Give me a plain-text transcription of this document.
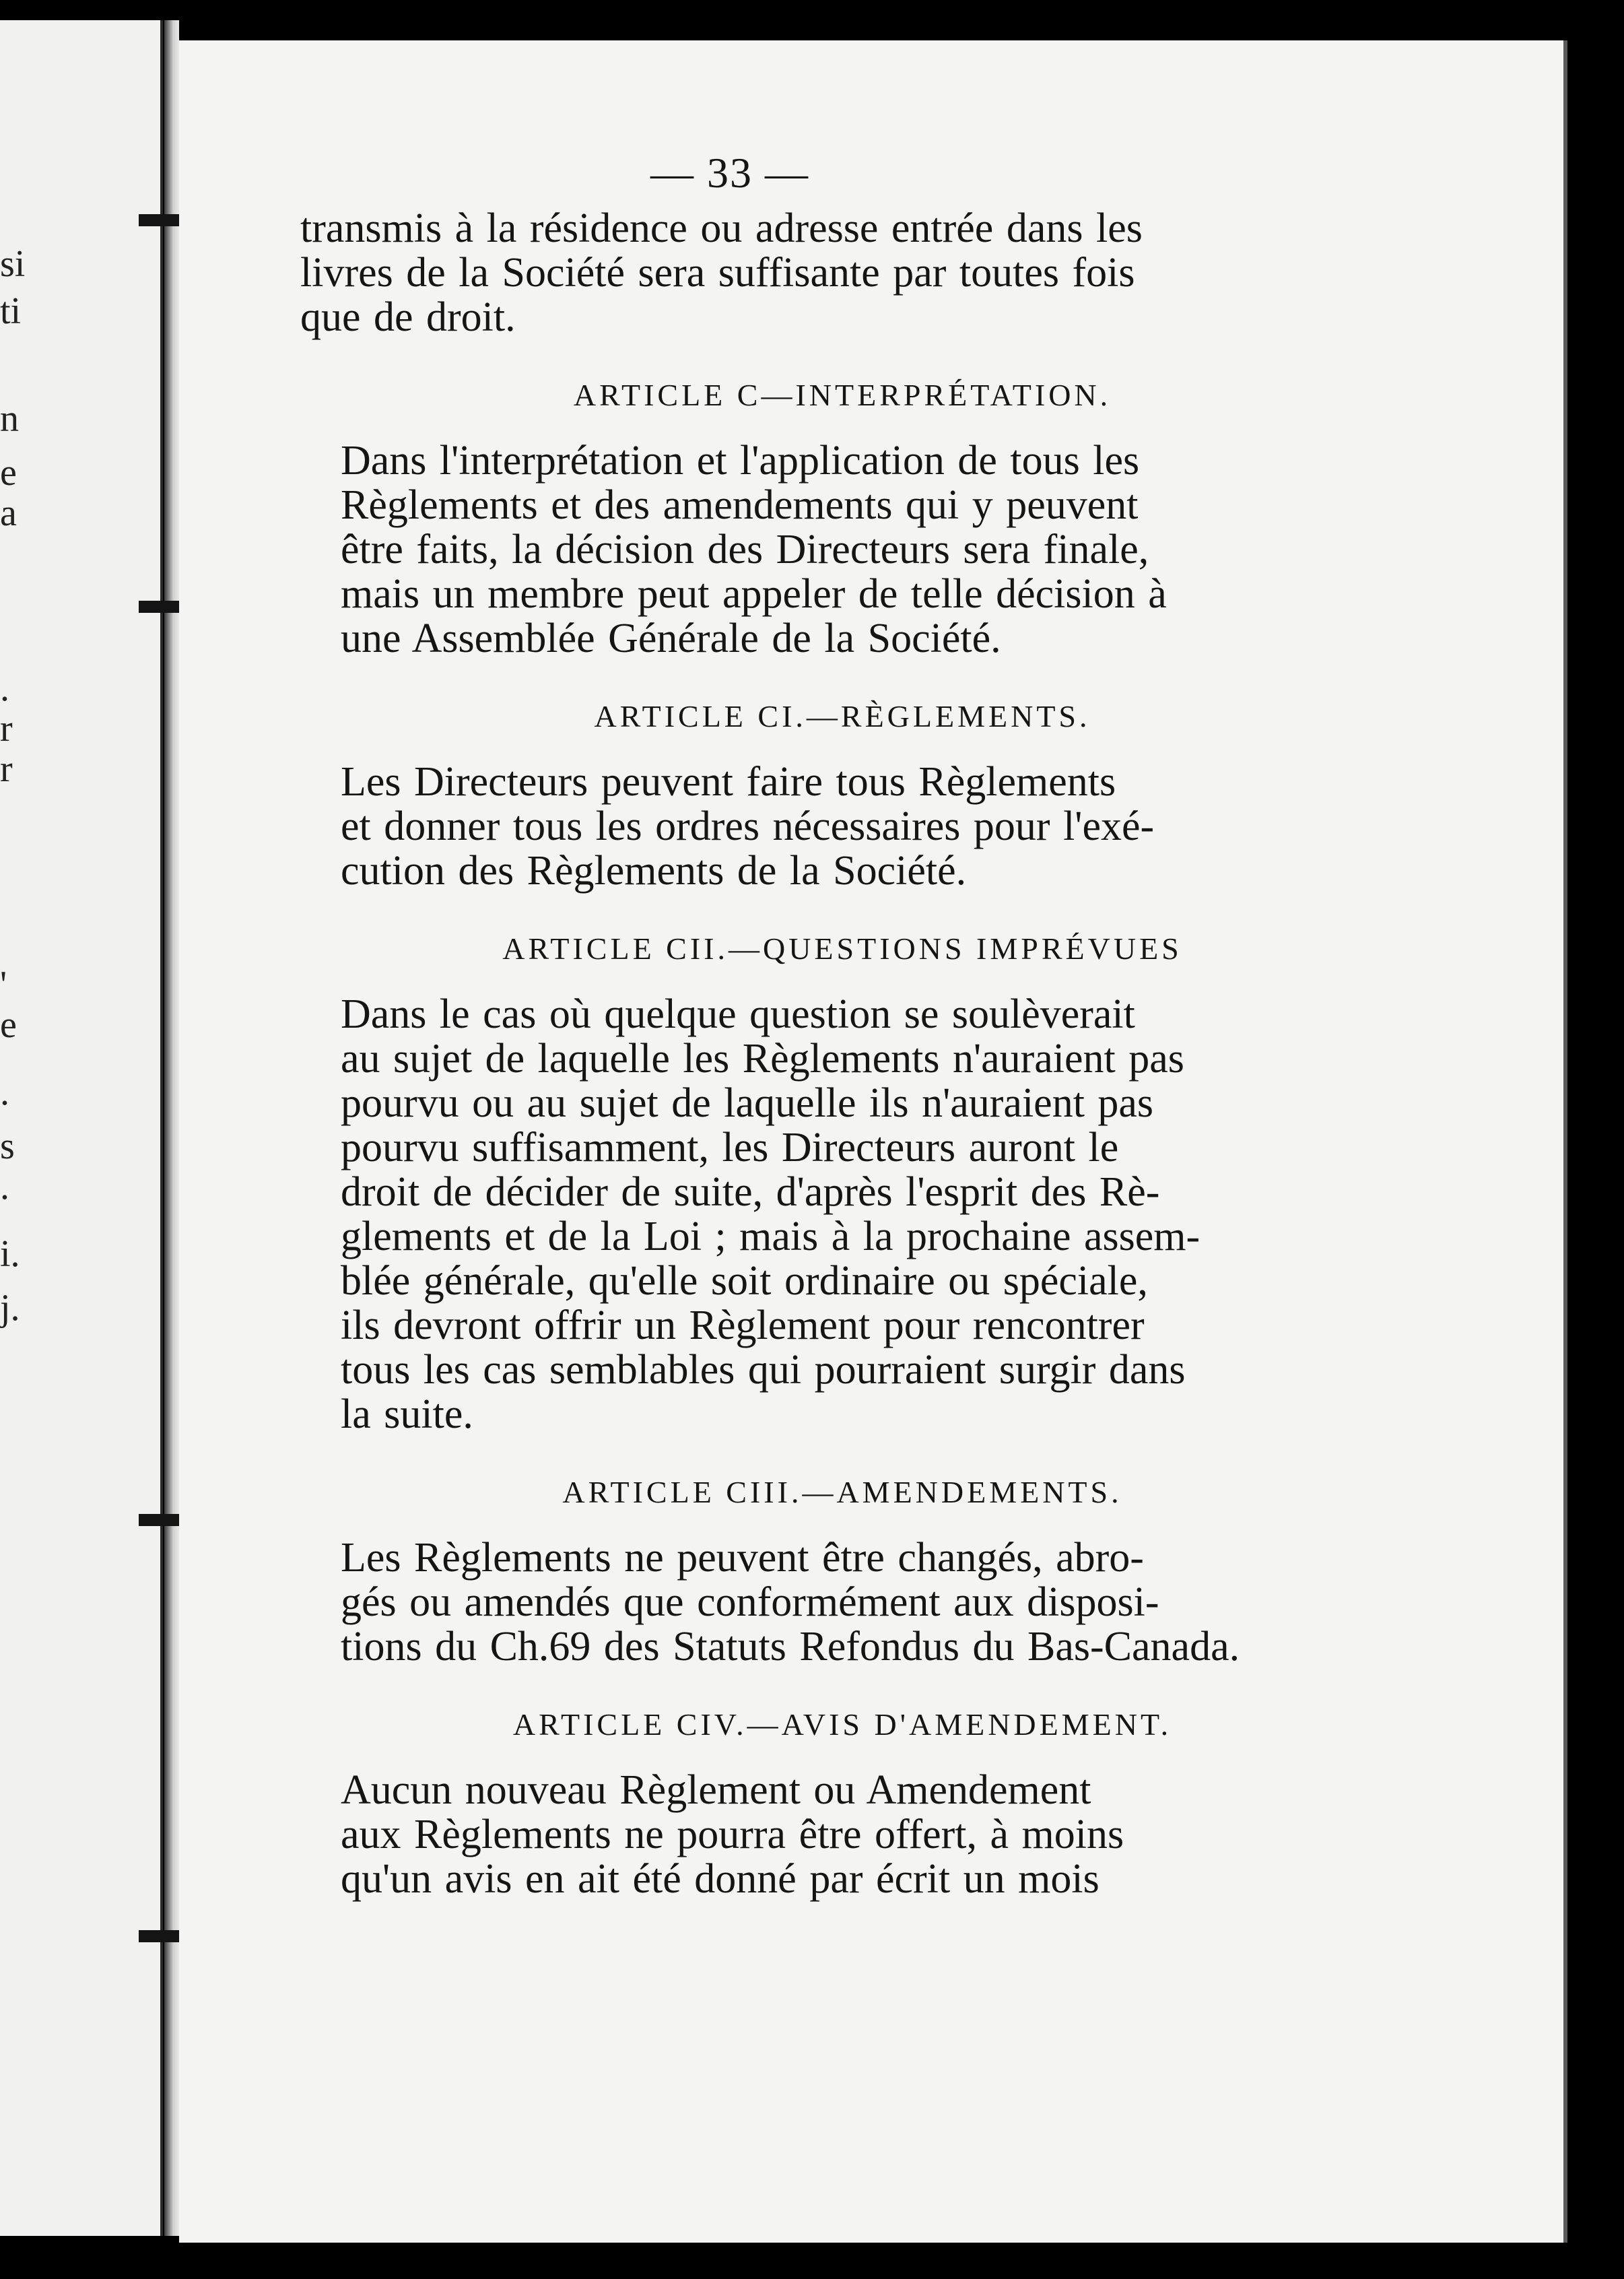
si
ti
n
e
a
.
r
r
'
e
.
s
.
i.
j.
— 33 —
transmis à la résidence ou adresse entrée dans les
livres de la Société sera suffisante par toutes fois
que de droit.
ARTICLE C—INTERPRÉTATION.
Dans l'interprétation et l'application de tous les
Règlements et des amendements qui y peuvent
être faits, la décision des Directeurs sera finale,
mais un membre peut appeler de telle décision à
une Assemblée Générale de la Société.
ARTICLE CI.—RÈGLEMENTS.
Les Directeurs peuvent faire tous Règlements
et donner tous les ordres nécessaires pour l'exé-
cution des Règlements de la Société.
ARTICLE CII.—QUESTIONS IMPRÉVUES
Dans le cas où quelque question se soulèverait
au sujet de laquelle les Règlements n'auraient pas
pourvu ou au sujet de laquelle ils n'auraient pas
pourvu suffisamment, les Directeurs auront le
droit de décider de suite, d'après l'esprit des Rè-
glements et de la Loi ; mais à la prochaine assem-
blée générale, qu'elle soit ordinaire ou spéciale,
ils devront offrir un Règlement pour rencontrer
tous les cas semblables qui pourraient surgir dans
la suite.
ARTICLE CIII.—AMENDEMENTS.
Les Règlements ne peuvent être changés, abro-
gés ou amendés que conformément aux disposi-
tions du Ch.69 des Statuts Refondus du Bas-Canada.
ARTICLE CIV.—AVIS D'AMENDEMENT.
Aucun nouveau Règlement ou Amendement
aux Règlements ne pourra être offert, à moins
qu'un avis en ait été donné par écrit un mois
